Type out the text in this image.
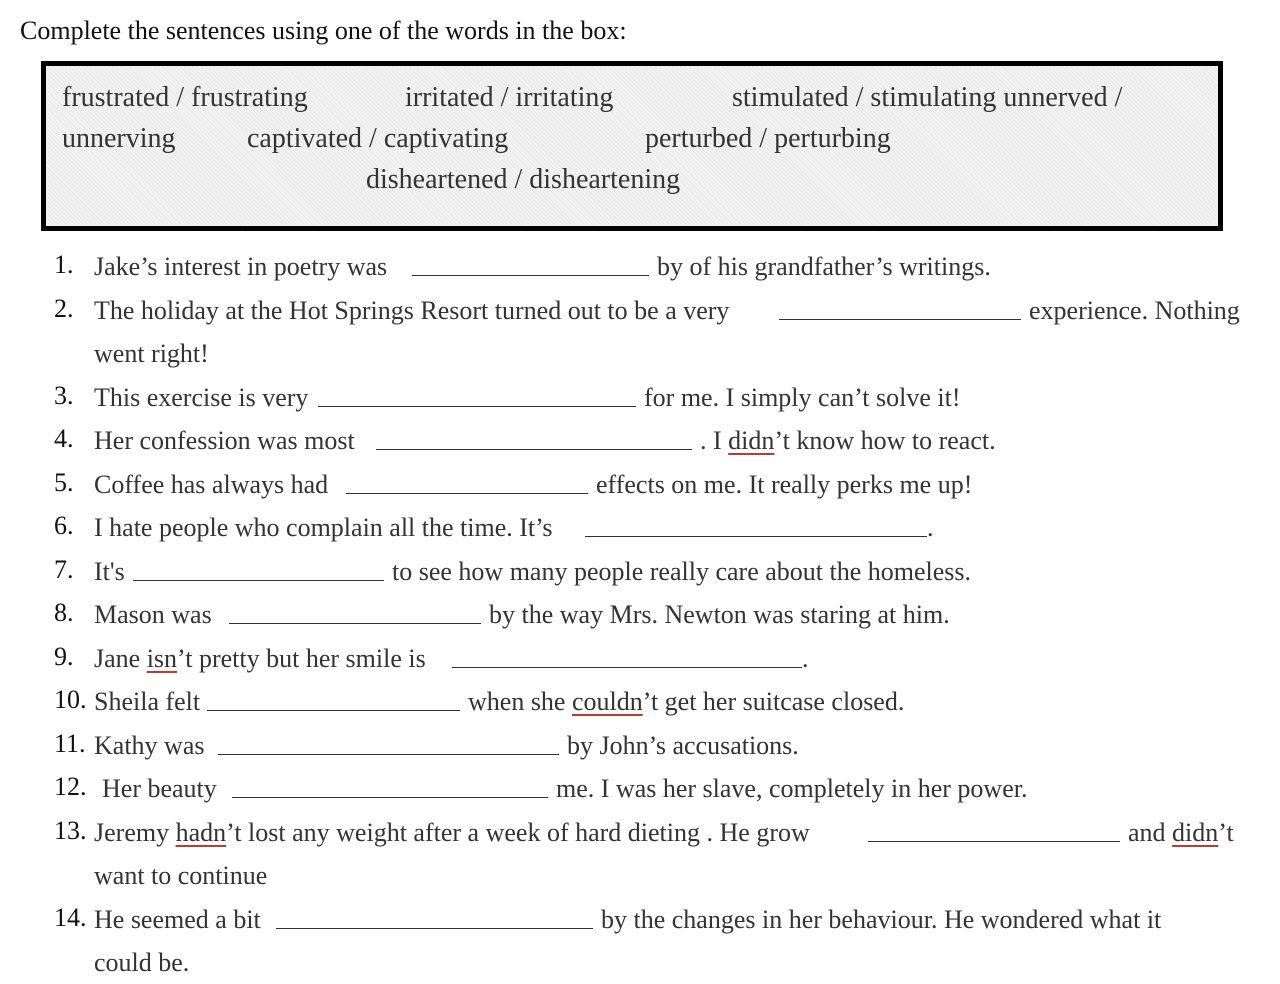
Complete the sentences using one of the words in the box:
frustrated / frustrating	irritated / irritating	stimulated / stimulating unnerved /
unnerving	captivated / captivating	perturbed / perturbing
disheartened / disheartening
1. Jake’s interest in poetry was	by of his grandfather’s writings.
2. The holiday at the Hot Springs Resort turned out to be a very	experience. Nothing
went right!
3. This exercise is very	for me. I simply can’t solve it!
4. Her confession was most	. I didn’t know how to react.
5. Coffee has always had	effects on me. It really perks me up!
6. I hate people who complain all the time. It’s	.
7. It's	to see how many people really care about the homeless.
8. Mason was	by the way Mrs. Newton was staring at him.
9. Jane isn’t pretty but her smile is	.
10. Sheila felt	when she couldn’t get her suitcase closed.
11. Kathy was	by John’s accusations.
12. Her beauty	me. I was her slave, completely in her power.
13. Jeremy hadn’t lost any weight after a week of hard dieting . He grow	and didn’t
want to continue
14. He seemed a bit	by the changes in her behaviour. He wondered what it
could be.
